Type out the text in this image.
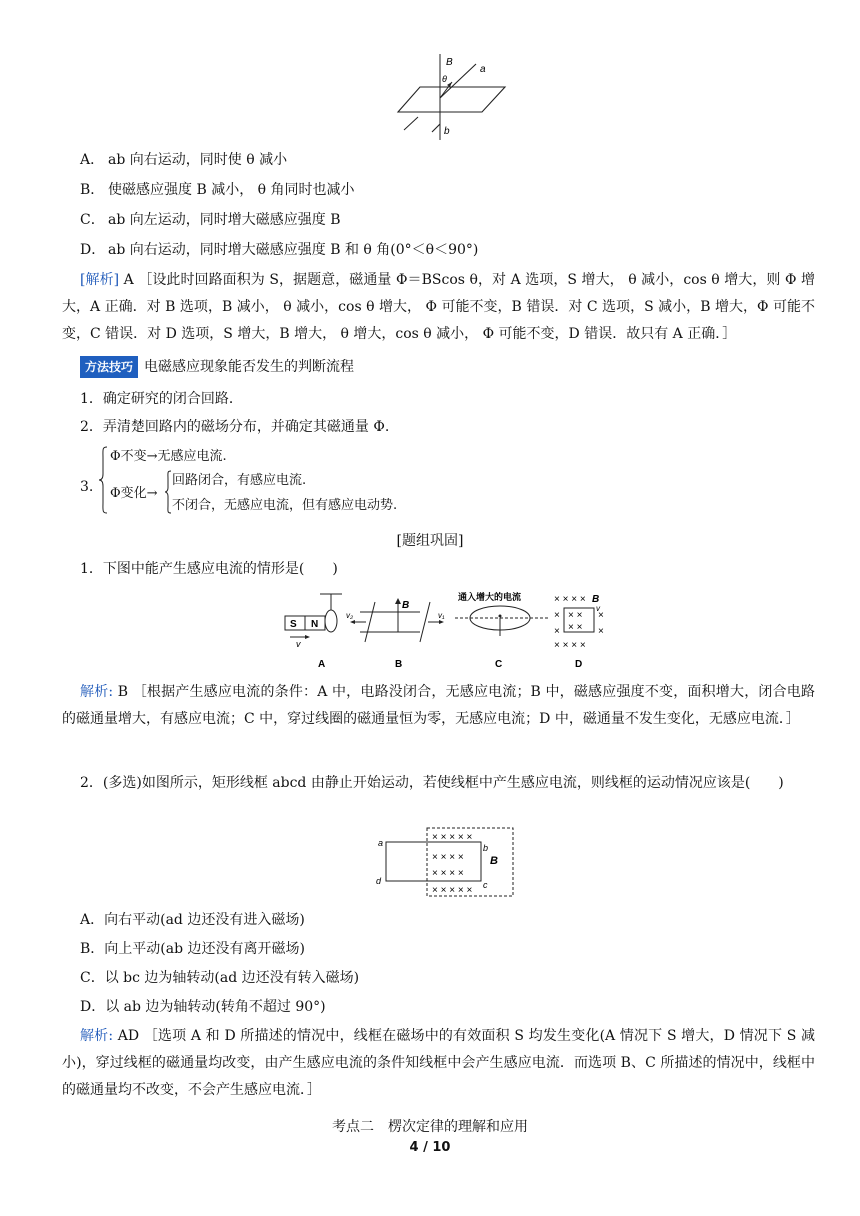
B
a
θ
b
A． ab 向右运动，同时使 θ 减小
B． 使磁感应强度 B 减小， θ 角同时也减小
C． ab 向左运动，同时增大磁感应强度 B
D． ab 向右运动，同时增大磁感应强度 B 和 θ 角(0°＜θ＜90°)
[解析] A ［设此时回路面积为 S，据题意，磁通量 Φ＝BScos θ，对 A 选项，S 增大， θ 减小，cos θ 增大，则 Φ 增大，A 正确．对 B 选项，B 减小， θ 减小，cos θ 增大， Φ 可能不变，B 错误．对 C 选项，S 减小，B 增大，Φ 可能不变，C 错误．对 D 选项，S 增大，B 增大， θ 增大，cos θ 减小， Φ 可能不变，D 错误．故只有 A 正确．］
方法技巧 电磁感应现象能否发生的判断流程
1．确定研究的闭合回路．
2．弄清楚回路内的磁场分布，并确定其磁通量 Φ.
3.
Φ不变→无感应电流.
Φ变化→
回路闭合，有感应电流.
不闭合，无感应电流，但有感应电动势.
[题组巩固]
1．下图中能产生感应电流的情形是(　　)
S N
v
A
B
v₂	v₁
B
通入增大的电流
C
× × × ×
×
×
× × × ×
× ×
× ×
×
×
B
v
D
解析: B ［根据产生感应电流的条件：A 中，电路没闭合，无感应电流；B 中，磁感应强度不变，面积增大，闭合电路的磁通量增大，有感应电流；C 中，穿过线圈的磁通量恒为零，无感应电流；D 中，磁通量不发生变化，无感应电流．］
2．(多选)如图所示，矩形线框 abcd 由静止开始运动，若使线框中产生感应电流，则线框的运动情况应该是(　　)
× × × × ×
× × × ×
× × × ×
× × × × ×
a
d
b
c
B
A．向右平动(ad 边还没有进入磁场)
B．向上平动(ab 边还没有离开磁场)
C．以 bc 边为轴转动(ad 边还没有转入磁场)
D．以 ab 边为轴转动(转角不超过 90°)
解析: AD ［选项 A 和 D 所描述的情况中，线框在磁场中的有效面积 S 均发生变化(A 情况下 S 增大，D 情况下 S 减小)，穿过线框的磁通量均改变，由产生感应电流的条件知线框中会产生感应电流．而选项 B、C 所描述的情况中，线框中的磁通量均不改变，不会产生感应电流．］
考点二　楞次定律的理解和应用
4 / 10
